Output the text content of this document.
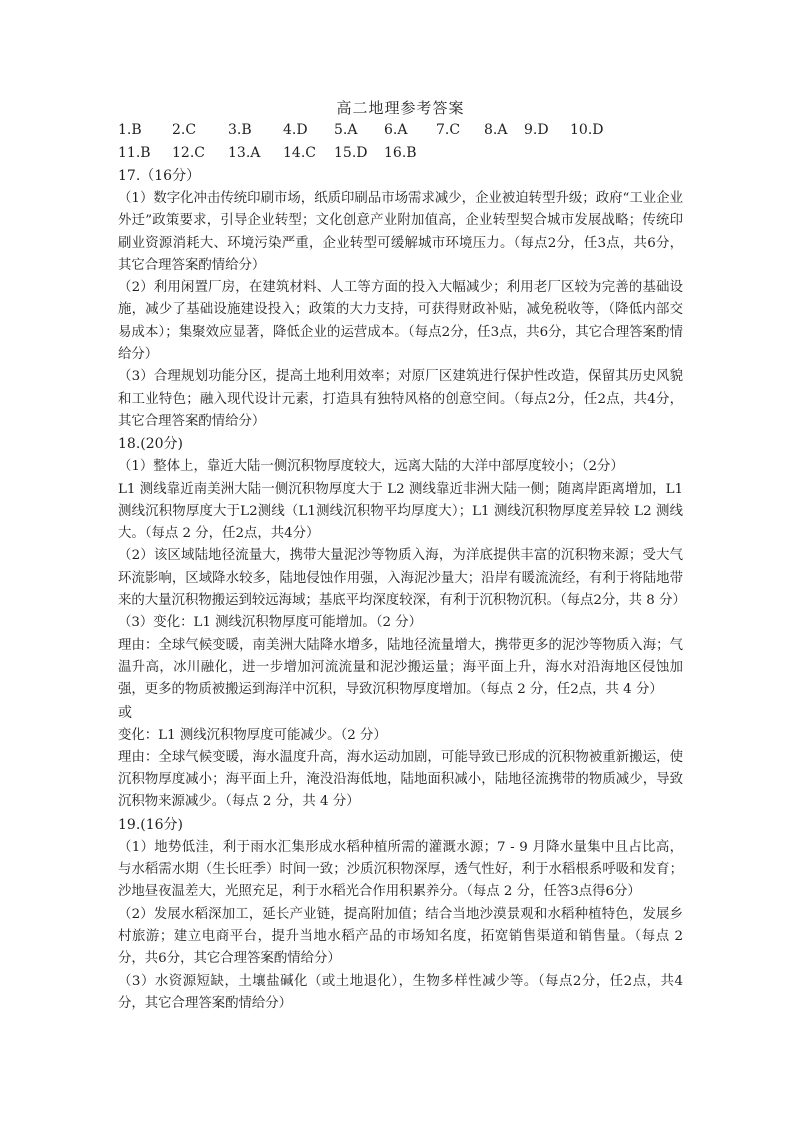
高二地理参考答案
1.B	2.C	3.B	4.D	5.A	6.A	7.C	8.A	9.D	10.D
11.B	12.C	13.A	14.C	15.D	16.B

17.（16分）

（1）数字化冲击传统印刷市场，纸质印刷品市场需求减少，企业被迫转型升级；政府“工业企业外迁”政策要求，引导企业转型；文化创意产业附加值高，企业转型契合城市发展战略；传统印刷业资源消耗大、环境污染严重，企业转型可缓解城市环境压力。（每点2分，任3点，共6分，其它合理答案酌情给分）

（2）利用闲置厂房，在建筑材料、人工等方面的投入大幅减少；利用老厂区较为完善的基础设施，减少了基础设施建设投入；政策的大力支持，可获得财政补贴，减免税收等，（降低内部交易成本）；集聚效应显著，降低企业的运营成本。（每点2分，任3点，共6分，其它合理答案酌情给分）

（3）合理规划功能分区，提高土地利用效率；对原厂区建筑进行保护性改造，保留其历史风貌和工业特色；融入现代设计元素，打造具有独特风格的创意空间。（每点2分，任2点，共4分，其它合理答案酌情给分）

18.(20分)

（1）整体上，靠近大陆一侧沉积物厚度较大，远离大陆的大洋中部厚度较小；（2分）

L1 测线靠近南美洲大陆一侧沉积物厚度大于 L2 测线靠近非洲大陆一侧；随离岸距离增加，L1测线沉积物厚度大于L2测线（L1测线沉积物平均厚度大）；L1 测线沉积物厚度差异较 L2 测线大。（每点 2 分，任2点，共4分）

（2）该区域陆地径流量大，携带大量泥沙等物质入海，为洋底提供丰富的沉积物来源；受大气环流影响，区域降水较多，陆地侵蚀作用强，入海泥沙量大；沿岸有暖流流经，有利于将陆地带来的大量沉积物搬运到较远海域；基底平均深度较深，有利于沉积物沉积。（每点2分，共 8 分）

（3）变化：L1 测线沉积物厚度可能增加。（2 分）

理由：全球气候变暖，南美洲大陆降水增多，陆地径流量增大，携带更多的泥沙等物质入海；气温升高，冰川融化，进一步增加河流流量和泥沙搬运量；海平面上升，海水对沿海地区侵蚀加强，更多的物质被搬运到海洋中沉积，导致沉积物厚度增加。（每点 2 分，任2点，共 4 分）

或

变化：L1 测线沉积物厚度可能减少。（2 分）

理由：全球气候变暖，海水温度升高，海水运动加剧，可能导致已形成的沉积物被重新搬运，使沉积物厚度减小；海平面上升，淹没沿海低地，陆地面积减小，陆地径流携带的物质减少，导致沉积物来源减少。（每点 2 分，共 4 分）

19.(16分)

（1）地势低洼，利于雨水汇集形成水稻种植所需的灌溉水源；7 - 9 月降水量集中且占比高，与水稻需水期（生长旺季）时间一致；沙质沉积物深厚，透气性好，利于水稻根系呼吸和发育；沙地昼夜温差大，光照充足，利于水稻光合作用积累养分。（每点 2 分，任答3点得6分）

（2）发展水稻深加工，延长产业链，提高附加值；结合当地沙漠景观和水稻种植特色，发展乡村旅游；建立电商平台，提升当地水稻产品的市场知名度，拓宽销售渠道和销售量。（每点 2 分，共6分，其它合理答案酌情给分）

（3）水资源短缺，土壤盐碱化（或土地退化），生物多样性减少等。（每点2分，任2点，共4分，其它合理答案酌情给分）
